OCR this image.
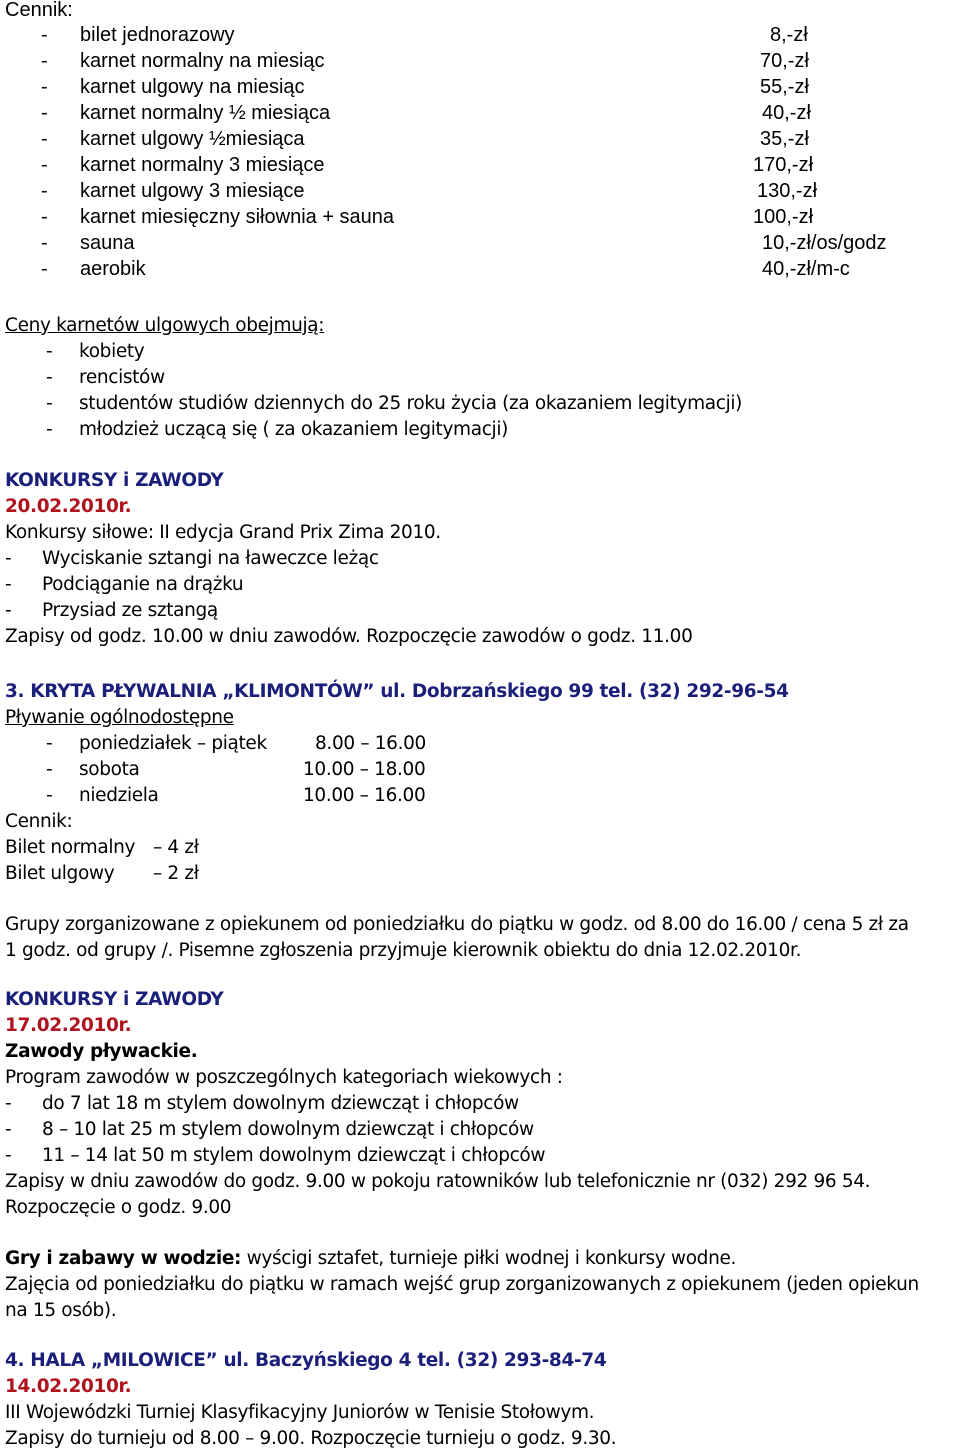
Cennik:
- bilet jednorazowy	8,-zł
- karnet normalny na miesiąc	70,-zł
- karnet ulgowy na miesiąc	55,-zł
- karnet normalny ½ miesiąca	40,-zł
- karnet ulgowy ½miesiąca	35,-zł
- karnet normalny 3 miesiące	170,-zł
- karnet ulgowy 3 miesiące	130,-zł
- karnet miesięczny siłownia + sauna	100,-zł
- sauna	10,-zł/os/godz
- aerobik	40,-zł/m-c
Ceny karnetów ulgowych obejmują:
- kobiety
- rencistów
- studentów studiów dziennych do 25 roku życia (za okazaniem legitymacji)
- młodzież uczącą się ( za okazaniem legitymacji)
KONKURSY i ZAWODY
20.02.2010r.
Konkursy siłowe: II edycja Grand Prix Zima 2010.
- Wyciskanie sztangi na ławeczce leżąc
- Podciąganie na drążku
- Przysiad ze sztangą
Zapisy od godz. 10.00 w dniu zawodów. Rozpoczęcie zawodów o godz. 11.00
3. KRYTA PŁYWALNIA „KLIMONTÓW” ul. Dobrzańskiego 99 tel. (32) 292-96-54
Pływanie ogólnodostępne
- poniedziałek – piątek	8.00 – 16.00
- sobota	10.00 – 18.00
- niedziela	10.00 – 16.00
Cennik:
Bilet normalny – 4 zł
Bilet ulgowy – 2 zł
Grupy zorganizowane z opiekunem od poniedziałku do piątku w godz. od 8.00 do 16.00 / cena 5 zł za
1 godz. od grupy /. Pisemne zgłoszenia przyjmuje kierownik obiektu do dnia 12.02.2010r.
KONKURSY i ZAWODY
17.02.2010r.
Zawody pływackie.
Program zawodów w poszczególnych kategoriach wiekowych :
- do 7 lat 18 m stylem dowolnym dziewcząt i chłopców
- 8 – 10 lat 25 m stylem dowolnym dziewcząt i chłopców
- 11 – 14 lat 50 m stylem dowolnym dziewcząt i chłopców
Zapisy w dniu zawodów do godz. 9.00 w pokoju ratowników lub telefonicznie nr (032) 292 96 54.
Rozpoczęcie o godz. 9.00
Gry i zabawy w wodzie: wyścigi sztafet, turnieje piłki wodnej i konkursy wodne.
Zajęcia od poniedziałku do piątku w ramach wejść grup zorganizowanych z opiekunem (jeden opiekun
na 15 osób).
4. HALA „MILOWICE” ul. Baczyńskiego 4 tel. (32) 293-84-74
14.02.2010r.
III Wojewódzki Turniej Klasyfikacyjny Juniorów w Tenisie Stołowym.
Zapisy do turnieju od 8.00 – 9.00. Rozpoczęcie turnieju o godz. 9.30.
